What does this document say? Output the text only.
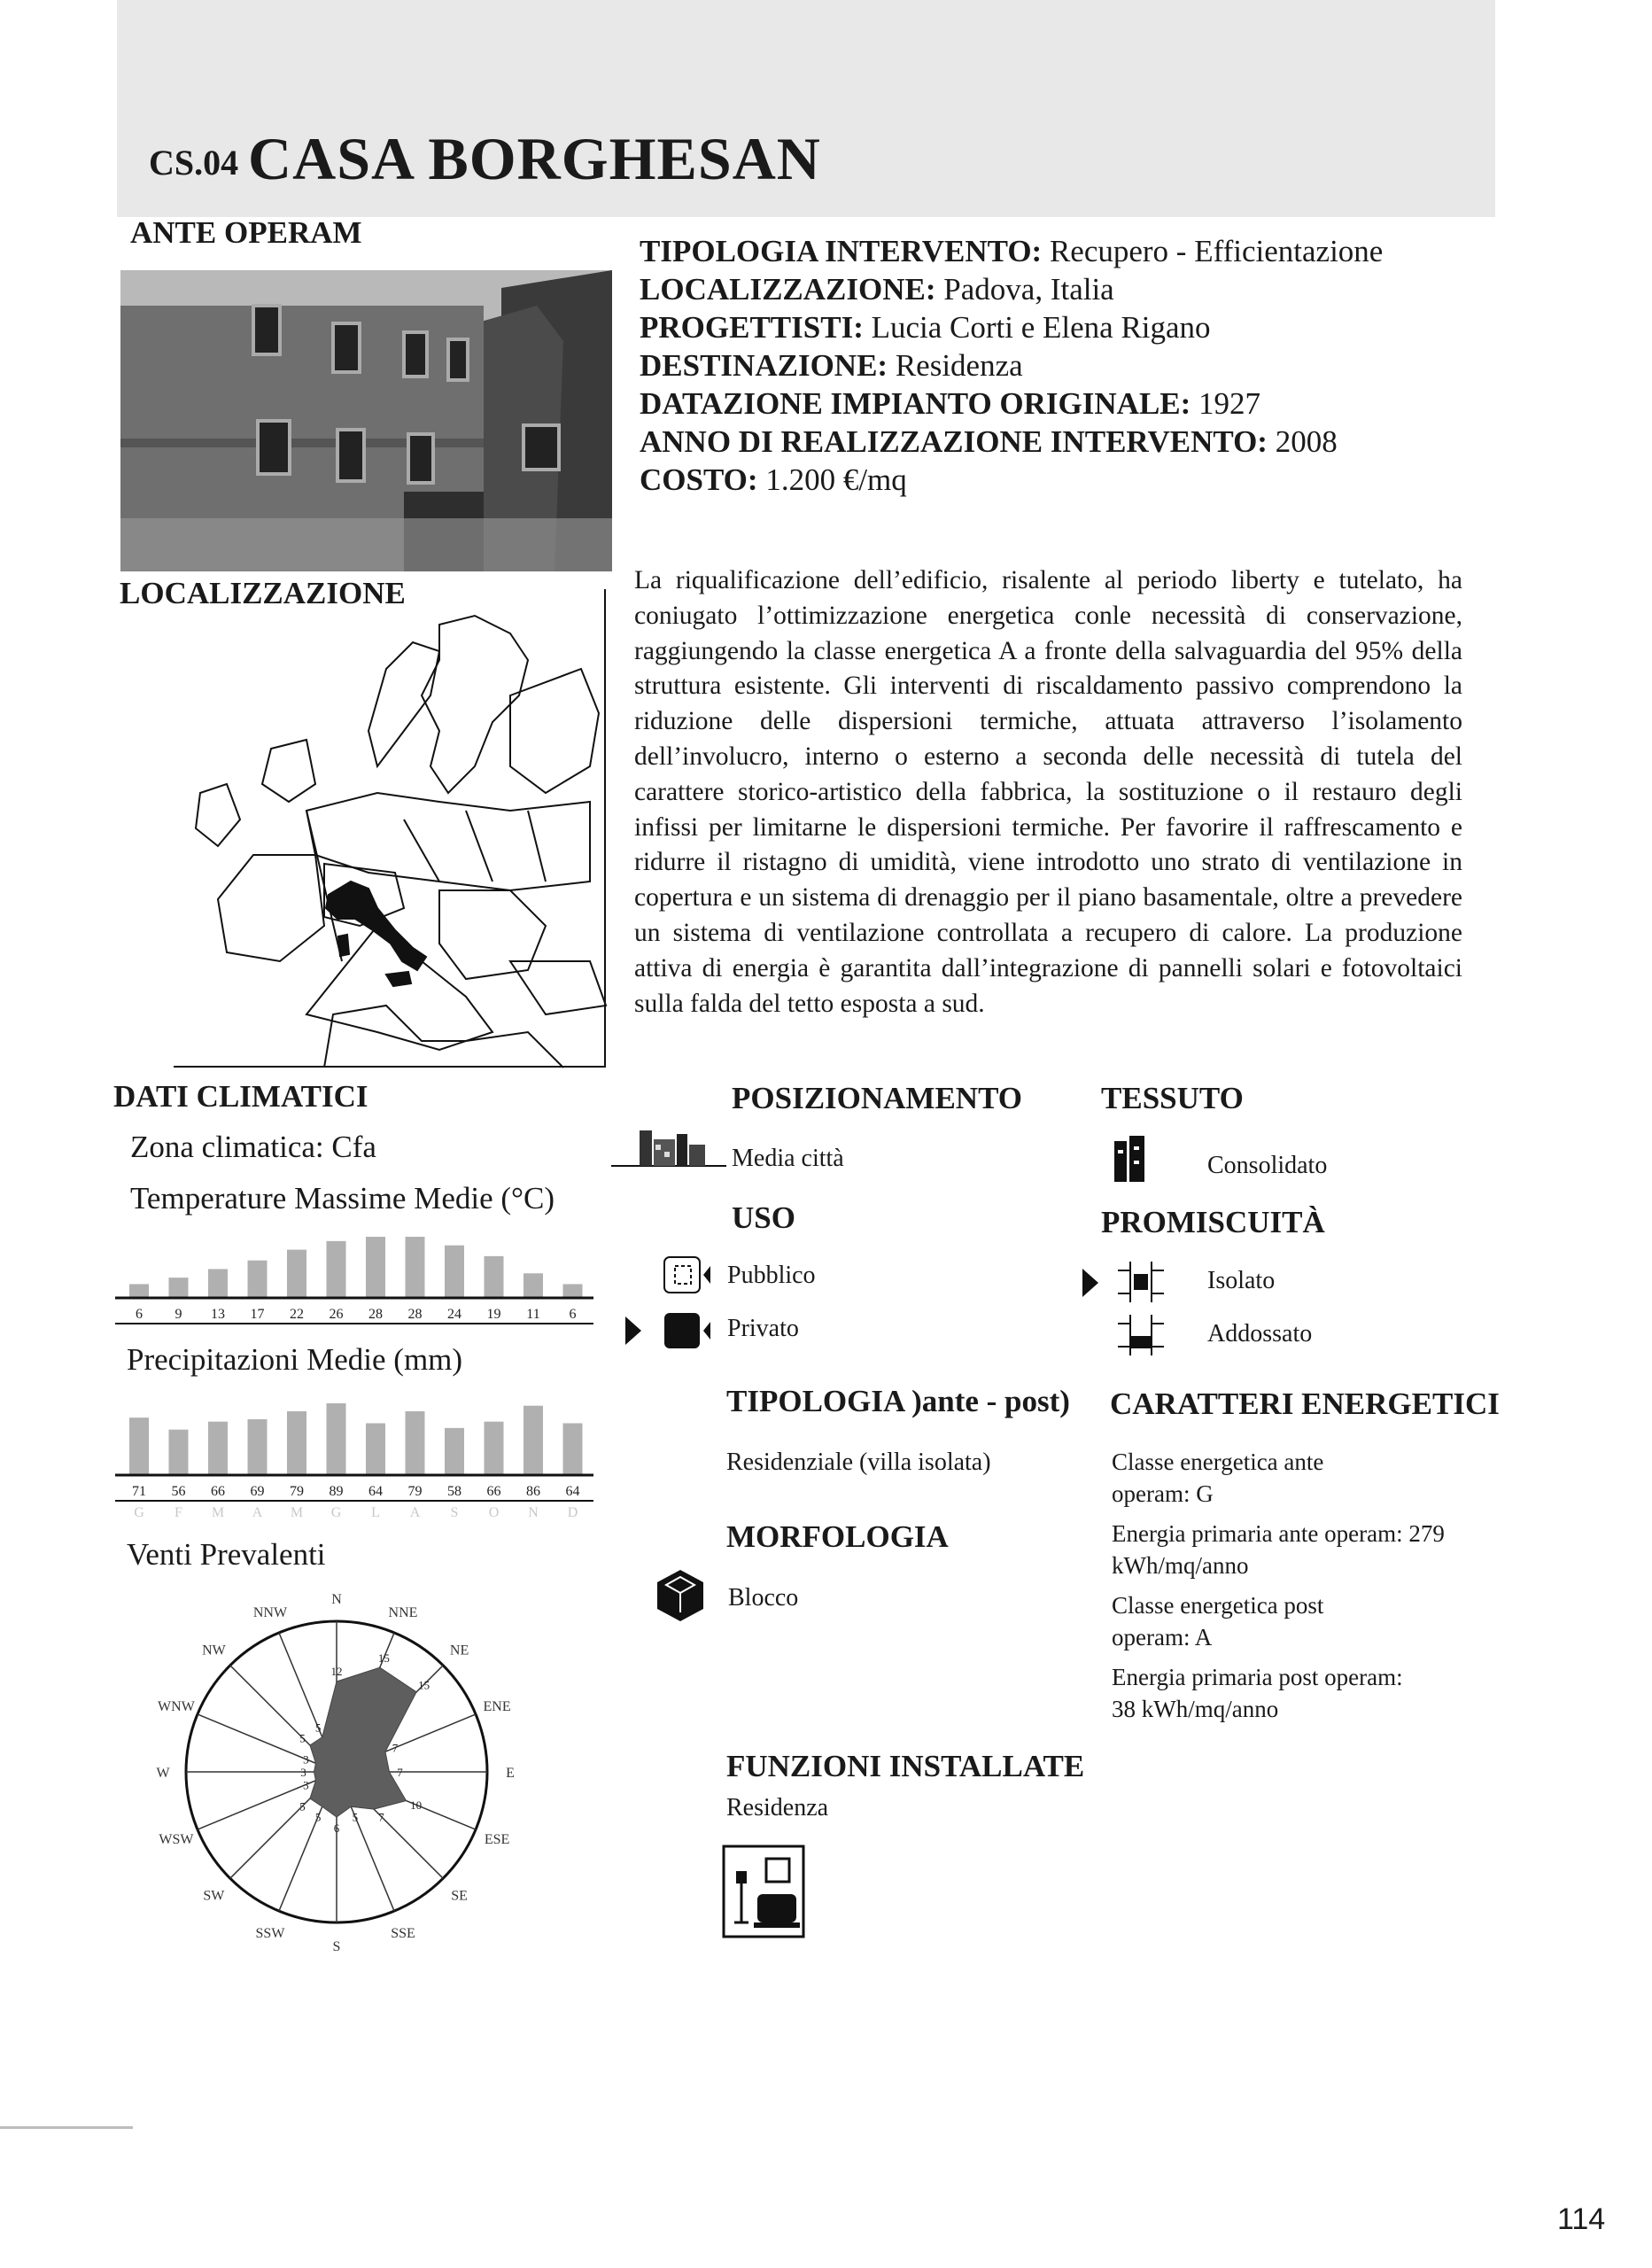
CS.04 CASA BORGHESAN
ANTE OPERAM
LOCALIZZAZIONE
TIPOLOGIA INTERVENTO: Recupero - Efficientazione
LOCALIZZAZIONE: Padova, Italia
PROGETTISTI: Lucia Corti e Elena Rigano
DESTINAZIONE: Residenza
DATAZIONE IMPIANTO ORIGINALE: 1927
ANNO DI REALIZZAZIONE INTERVENTO: 2008
COSTO: 1.200 €/mq
La riqualificazione dell’edificio, risalente al periodo liberty e tutelato, ha coniugato l’ottimizzazione energetica conle necessità di conservazione, raggiungendo la classe energetica A a fronte della salvaguardia del 95% della struttura esistente. Gli interventi di riscaldamento passivo comprendono la riduzione delle dispersioni termiche, attuata attraverso l’isolamento dell’involucro, interno o esterno a seconda delle necessità di tutela del carattere storico-artistico della fabbrica, la sostituzione o il restauro degli infissi per limitarne le dispersioni termiche. Per favorire il raffrescamento e ridurre il ristagno di umidità, viene introdotto uno strato di ventilazione in copertura e un sistema di drenaggio per il piano basamentale, oltre a prevedere un sistema di ventilazione controllata a recupero di calore. La produzione attiva di energia è garantita dall’integrazione di pannelli solari e fotovoltaici sulla falda del tetto esposta a sud.
DATI CLIMATICI
Zona climatica: Cfa
Temperature Massime Medie (°C)
6 9 13 17 22 26 28 28 24 19 11 6
Precipitazioni Medie (mm)
71
G
56
F
66
M
69
A
79
M
89
G
64
L
79
A
58
S
66
O
86
N
64
D
Venti Prevalenti
N
NNE
NE
ENE
E
ESE
SE
SSE
S
SSW
SW
WSW
W
WNW
NW
NNW
12
15
15
7
7
10
7
5
6
5
5
3
3
3
5
5
POSIZIONAMENTO
Media città
TESSUTO
Consolidato
USO
Pubblico
Privato
PROMISCUITÀ
Isolato
Addossato
TIPOLOGIA )ante - post)
Residenziale (villa isolata)
CARATTERI ENERGETICI
Classe energetica ante operam: G
Energia primaria ante operam: 279 kWh/mq/anno
Classe energetica post operam: A
Energia primaria post operam: 38 kWh/mq/anno
MORFOLOGIA
Blocco
FUNZIONI INSTALLATE
Residenza
114
